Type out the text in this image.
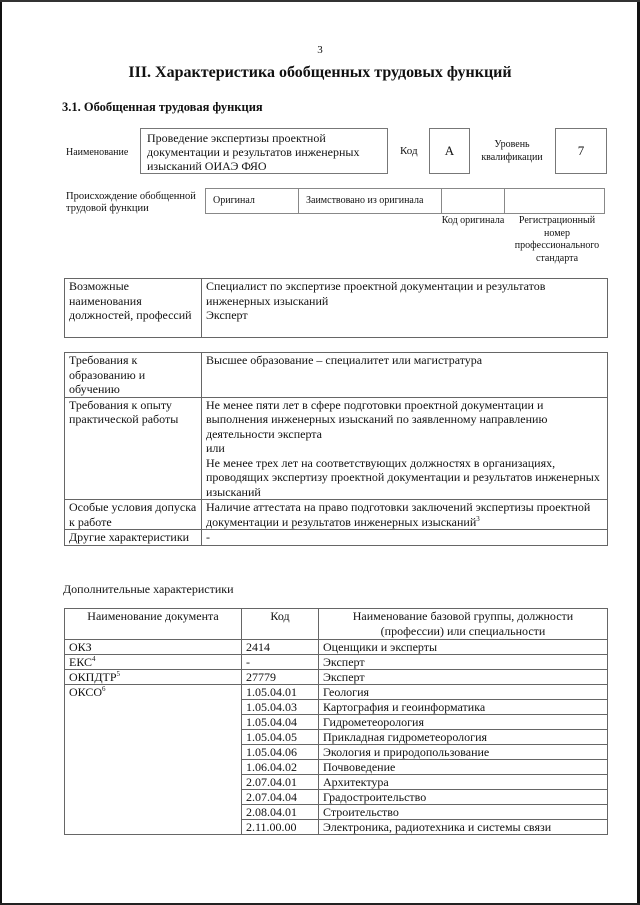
3
III. Характеристика обобщенных трудовых функций
3.1. Обобщенная трудовая функция
Наименование
Проведение экспертизы проектной документации и результатов инженерных изысканий ОИАЭ ФЯО
Код	А	Уровень квалификации	7
Происхождение обобщенной трудовой функции
Оригинал	Заимствовано из оригинала
Код оригинала	Регистрационный номер профессионального стандарта
Возможные наименования должностей, профессий	
Специалист по экспертизе проектной документации и результатов инженерных изысканий
Эксперт
Требования к образованию и обучению	Высшее образование – специалитет или магистратура
Требования к опыту практической работы	Не менее пяти лет в сфере подготовки проектной документации и выполнения инженерных изысканий по заявленному направлению деятельности эксперта
или
Не менее трех лет на соответствующих должностях в организациях, проводящих экспертизу проектной документации и результатов инженерных изысканий

Особые условия допуска к работе	Наличие аттестата на право подготовки заключений экспертизы проектной документации и результатов инженерных изысканий$^3$
Другие характеристики	-
Дополнительные характеристики
Наименование документа	Код	Наименование базовой группы, должности (профессии) или специальности
ОКЗ	2414	Оценщики и эксперты
ЕКС$^4$	-	Эксперт
ОКПДТР$^5$	27779	Эксперт
ОКСО$^6$	1.05.04.01	Геология
	1.05.04.03	Картография и геоинформатика
	1.05.04.04	Гидрометеорология
	1.05.04.05	Прикладная гидрометеорология
	1.05.04.06	Экология и природопользование
	1.06.04.02	Почвоведение
	2.07.04.01	Архитектура
	2.07.04.04	Градостроительство
	2.08.04.01	Строительство
	2.11.00.00	Электроника, радиотехника и системы связи
